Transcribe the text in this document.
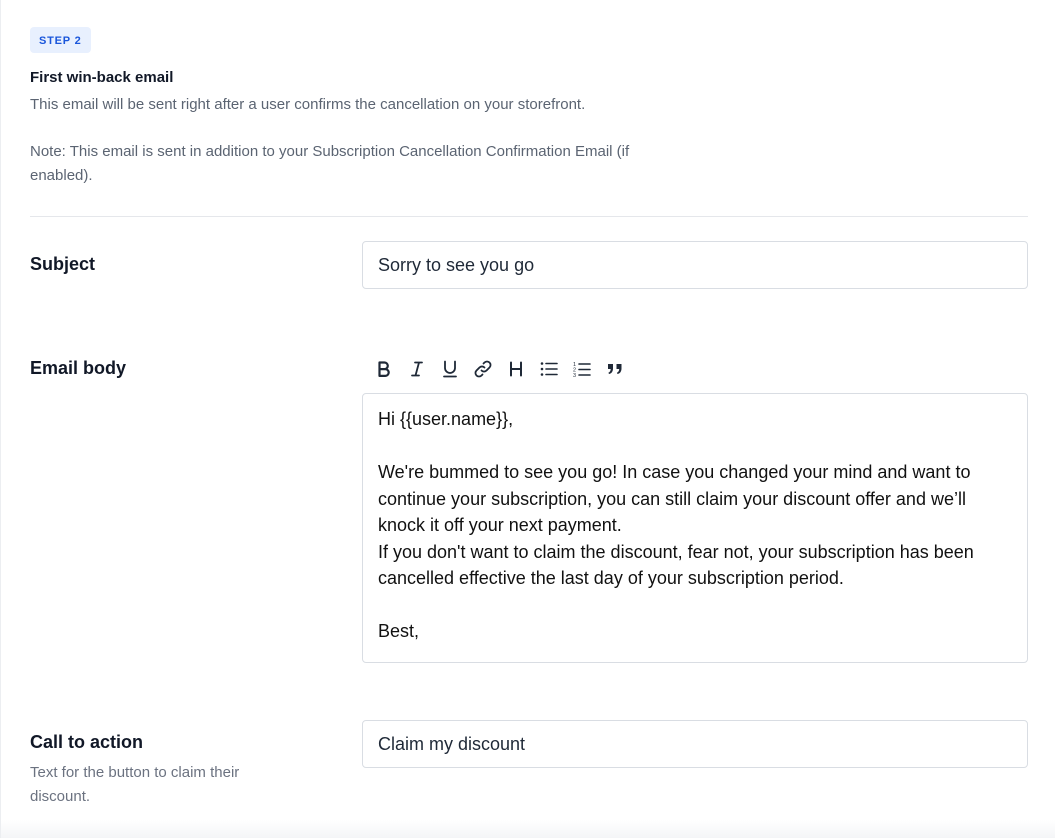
STEP 2
First win-back email
This email will be sent right after a user confirms the cancellation on your storefront.
Note: This email is sent in addition to your Subscription Cancellation Confirmation Email (if enabled).
Subject
Sorry to see you go
Email body	1
2
3

Hi {{user.name}},

We're bummed to see you go! In case you changed your mind and want to continue your subscription, you can still claim your discount offer and we’ll knock it off your next payment.

If you don't want to claim the discount, fear not, your subscription has been cancelled effective the last day of your subscription period.

Best,

Call to action
Text for the button to claim their discount.
Claim my discount
